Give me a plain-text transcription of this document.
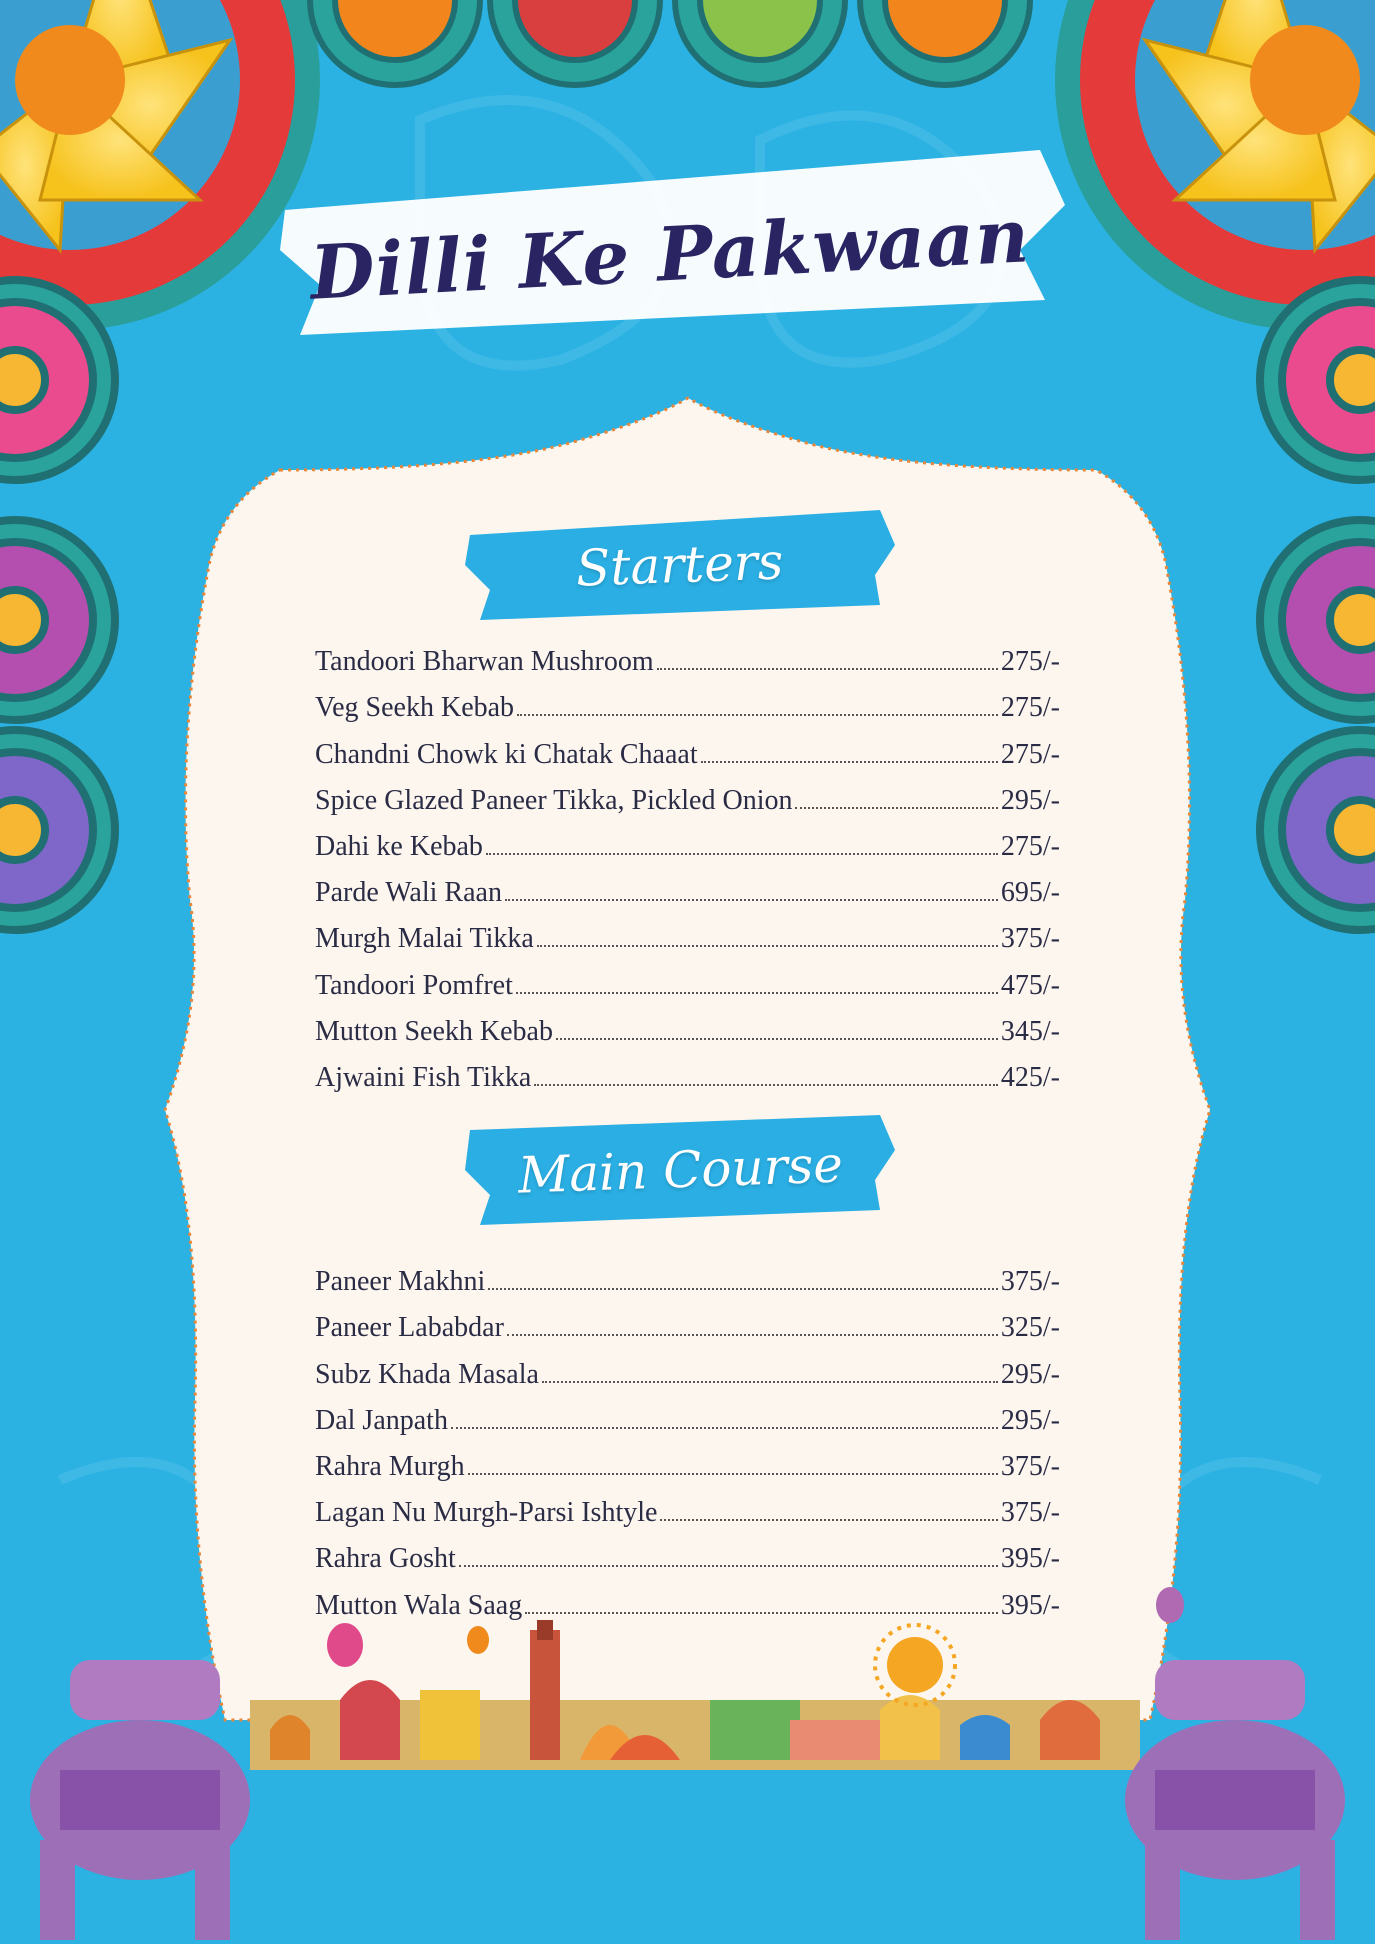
Dilli Ke Pakwaan
Starters
Tandoori Bharwan Mushroom	275/-
Veg Seekh Kebab	275/-
Chandni Chowk ki Chatak Chaaat	275/-
Spice Glazed Paneer Tikka, Pickled Onion	295/-
Dahi ke Kebab	275/-
Parde Wali Raan	695/-
Murgh Malai Tikka	375/-
Tandoori Pomfret	475/-
Mutton Seekh Kebab	345/-
Ajwaini Fish Tikka	425/-
Main Course
Paneer Makhni	375/-
Paneer Lababdar	325/-
Subz Khada Masala	295/-
Dal Janpath	295/-
Rahra Murgh	375/-
Lagan Nu Murgh-Parsi Ishtyle	375/-
Rahra Gosht	395/-
Mutton Wala Saag	395/-
